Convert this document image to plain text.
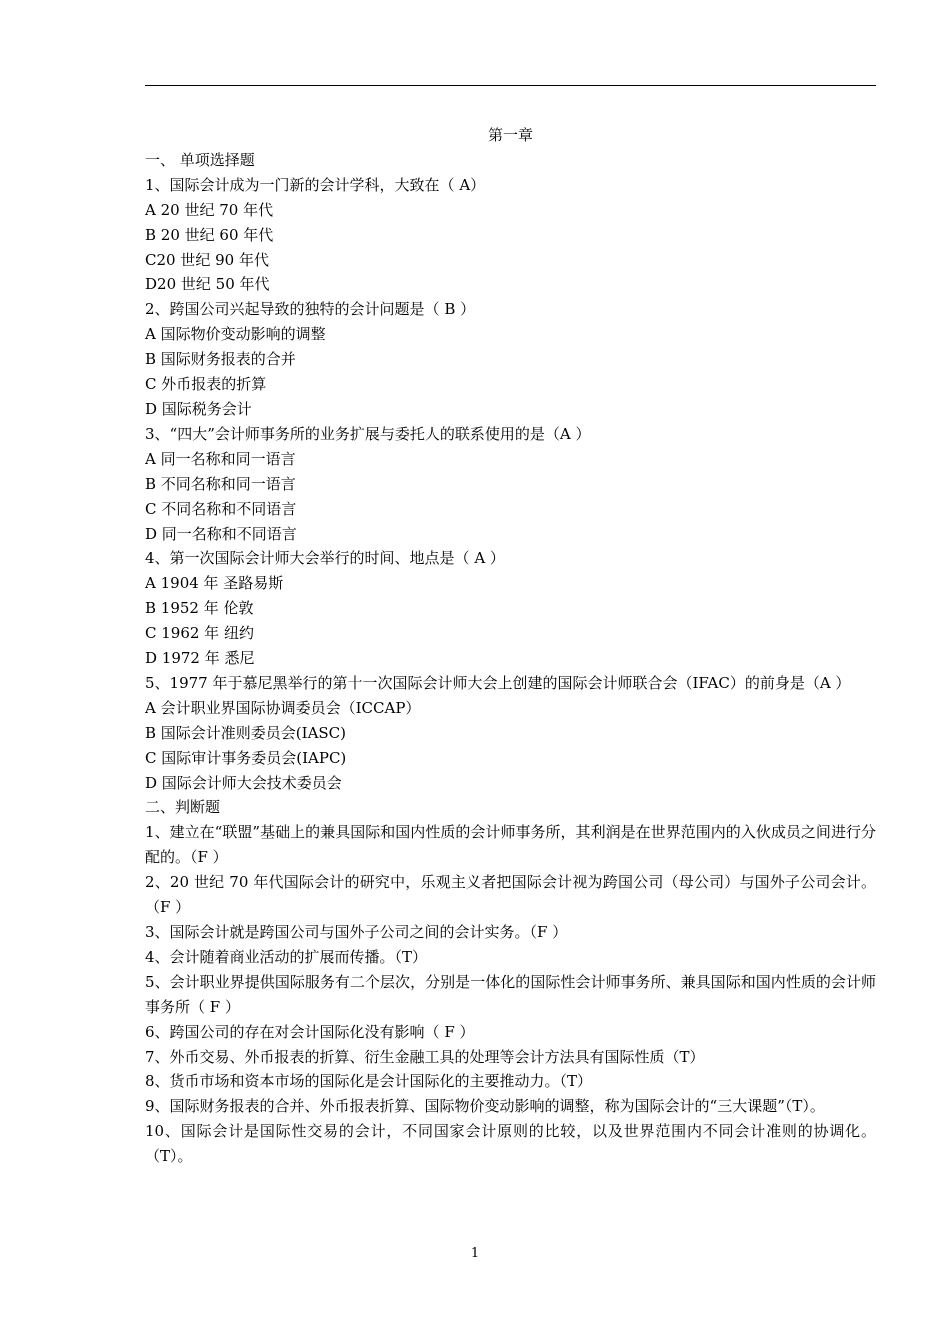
第一章
一、 单项选择题
1、国际会计成为一门新的会计学科，大致在（ A）
A 20 世纪 70 年代
B 20 世纪 60 年代
C20 世纪 90 年代
D20 世纪 50 年代
2、跨国公司兴起导致的独特的会计问题是（ B ）
A 国际物价变动影响的调整
B 国际财务报表的合并
C 外币报表的折算
D 国际税务会计
3、“四大”会计师事务所的业务扩展与委托人的联系使用的是（A ）
A 同一名称和同一语言
B 不同名称和同一语言
C 不同名称和不同语言
D 同一名称和不同语言
4、第一次国际会计师大会举行的时间、地点是（ A ）
A 1904 年 圣路易斯
B 1952 年 伦敦
C 1962 年 纽约
D 1972 年 悉尼
5、1977 年于慕尼黑举行的第十一次国际会计师大会上创建的国际会计师联合会（IFAC）的前身是（A ）
A 会计职业界国际协调委员会（ICCAP）
B 国际会计准则委员会(IASC)
C 国际审计事务委员会(IAPC)
D 国际会计师大会技术委员会
二、判断题
1、建立在“联盟”基础上的兼具国际和国内性质的会计师事务所，其利润是在世界范围内的入伙成员之间进行分配的。（F ）
2、20 世纪 70 年代国际会计的研究中，乐观主义者把国际会计视为跨国公司（母公司）与国外子公司会计。（F ）
3、国际会计就是跨国公司与国外子公司之间的会计实务。（F ）
4、会计随着商业活动的扩展而传播。（T）
5、会计职业界提供国际服务有二个层次，分别是一体化的国际性会计师事务所、兼具国际和国内性质的会计师事务所（ F ）
6、跨国公司的存在对会计国际化没有影响（ F ）
7、外币交易、外币报表的折算、衍生金融工具的处理等会计方法具有国际性质（T）
8、货币市场和资本市场的国际化是会计国际化的主要推动力。（T）
9、国际财务报表的合并、外币报表折算、国际物价变动影响的调整，称为国际会计的“三大课题”（T）。
10、国际会计是国际性交易的会计，不同国家会计原则的比较，以及世界范围内不同会计准则的协调化。（T）。
1
